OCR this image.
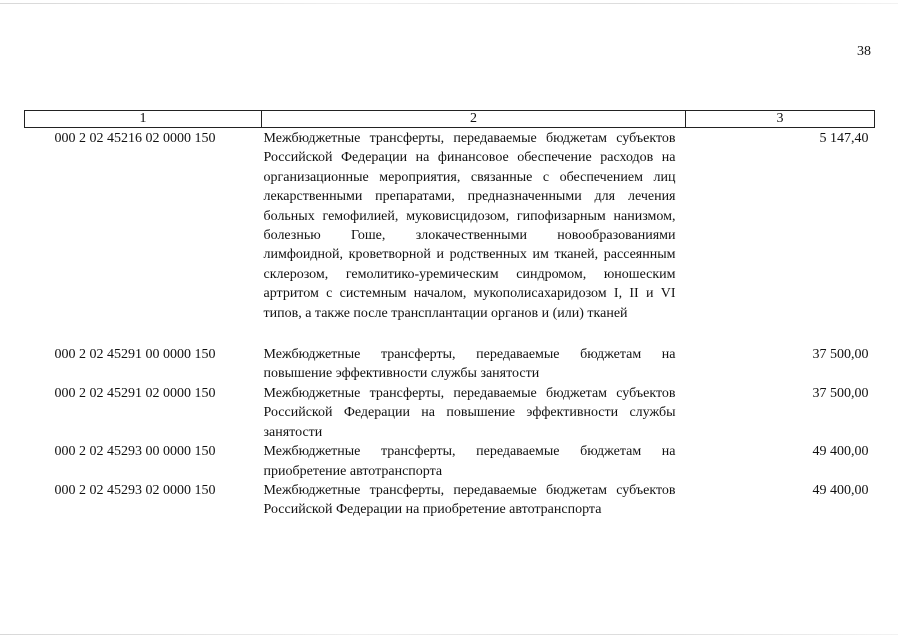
38
1	2	3
000 2 02 45216 02 0000 150	Межбюджетные трансферты, передаваемые бюджетам субъектов Российской Федерации на финансовое обеспечение расходов на организационные мероприятия, связанные с обеспечением лиц лекарственными препаратами, предназначенными для лечения больных гемофилией, муковисцидозом, гипофизарным нанизмом, болезнью Гоше, злокачественными новообразованиями лимфоидной, кроветворной и родственных им тканей, рассеянным склерозом, гемолитико-уремическим синдромом, юношеским артритом с системным началом, мукополисахаридозом I, II и VI типов, а также после трансплантации органов и (или) тканей	5 147,40

000 2 02 45291 00 0000 150	Межбюджетные трансферты, передаваемые бюджетам на повышение эффективности службы занятости	37 500,00
000 2 02 45291 02 0000 150	Межбюджетные трансферты, передаваемые бюджетам субъектов Российской Федерации на повышение эффективности службы занятости	37 500,00
000 2 02 45293 00 0000 150	Межбюджетные трансферты, передаваемые бюджетам на приобретение автотранспорта	49 400,00
000 2 02 45293 02 0000 150	Межбюджетные трансферты, передаваемые бюджетам субъектов Российской Федерации на приобретение автотранспорта	49 400,00
